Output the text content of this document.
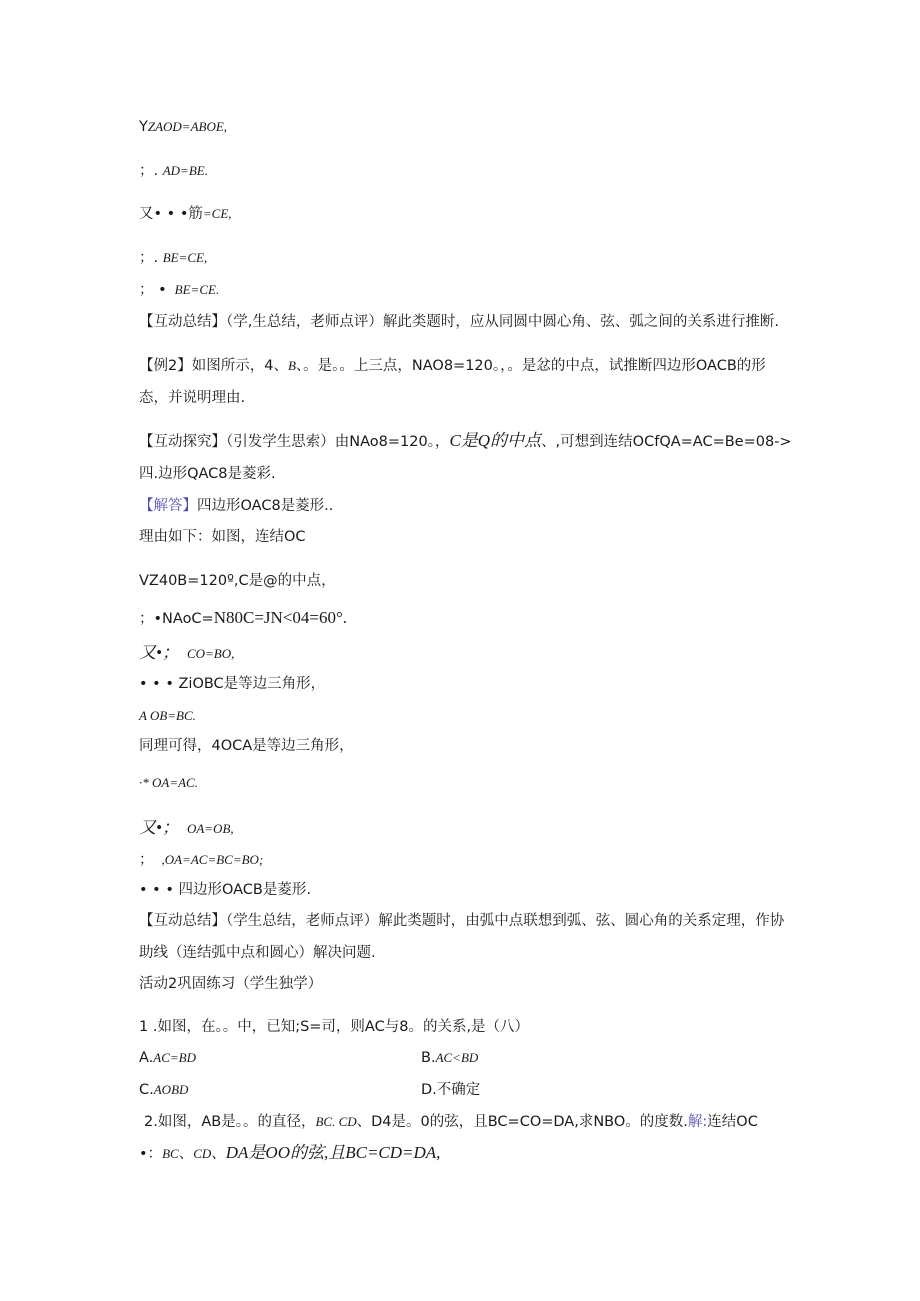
YZAOD=ABOE,
；. AD=BE.
又• • •筋=CE,
；. BE=CE,
； • BE=CE.
【互动总结】（学,生总结，老师点评）解此类题时，应从同圆中圆心角、弦、弧之间的关系进行推断.
【例2】如图所示，4、B、。是。。上三点，NAO8=120。，。是忿的中点，试推断四边形OACB的形
态，并说明理由.
【互动探究】（引发学生思索）由NAo8=120。，C是Q的中点、,可想到连结OCfQA=AC=Be=08->
四.边形QAC8是菱彩.
【解答】四边形OAC8是菱形..
理由如下：如图，连结OC
VZ40B=120º,C是@的中点，
；•NAoC=N80C=JN<04=60°.
又•； CO=BO,
• • • ZiOBC是等边三角形，
A OB=BC.
同理可得，4OCA是等边三角形，
·* OA=AC.
又•； OA=OB,
； ,OA=AC=BC=BO;
• • • 四边形OACB是菱形.
【互动总结】（学生总结，老师点评）解此类题时，由弧中点联想到弧、弦、圆心角的关系定理，作协
助线（连结弧中点和圆心）解决问题.
活动2巩固练习（学生独学）
1 .如图，在。。中，已知;S=司，则AC与8。的关系,是（八）
A.AC=BD	B.AC<BD
C.AOBD	D.不确定
2.如图，AB是。。的直径，BC. CD、D4是。0的弦，且BC=CO=DA,求NBO。的度数.解:连结OC
•：BC、CD、DA是OO的弦,且BC=CD=DA,
